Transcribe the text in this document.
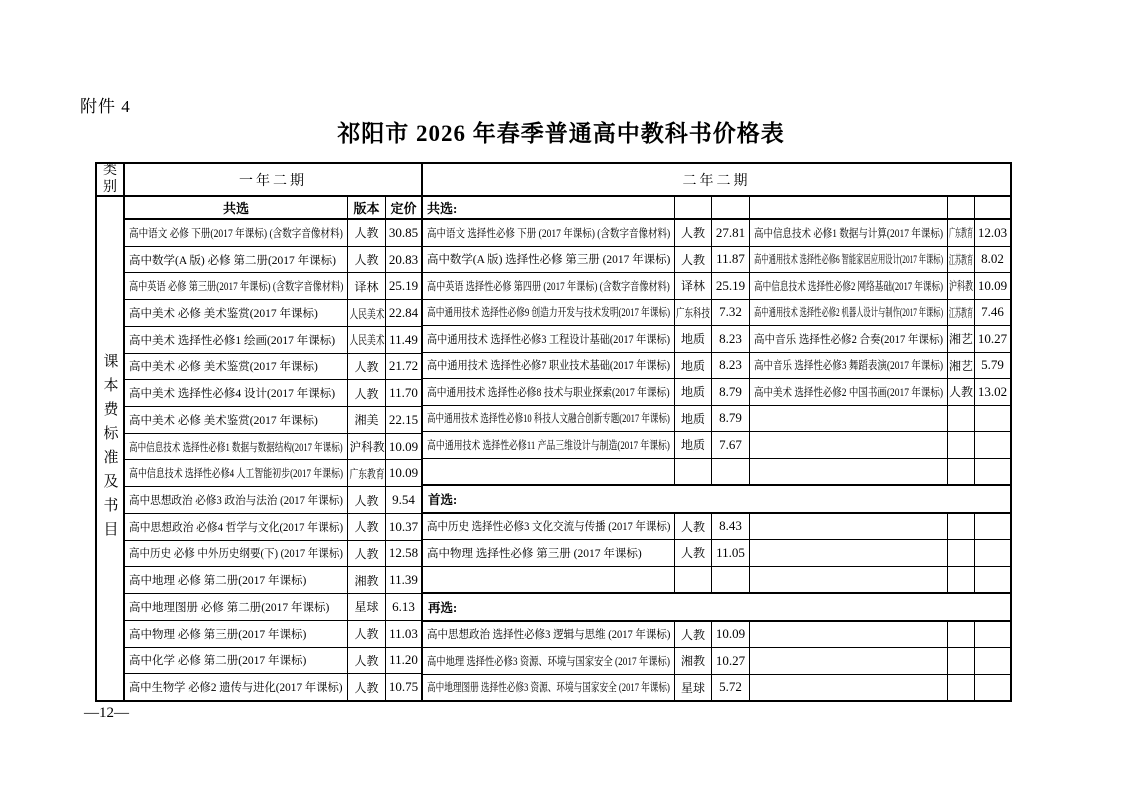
附件 4
祁阳市 2026 年春季普通高中教科书价格表
类别
课本费标准及书目
一年二期
共选	版本 定价
高中语文 必修 下册(2017 年课标) (含数字音像材料) 人教 30.85
高中数学(A 版) 必修 第二册(2017 年课标) 人教 20.83
高中英语 必修 第三册(2017 年课标) (含数字音像材料) 译林 25.19
高中美术 必修 美术鉴赏(2017 年课标)	人民美术 22.84
高中美术 选择性必修1 绘画(2017 年课标) 人民美术 11.49
高中美术 必修 美术鉴赏(2017 年课标)	人教 21.72
高中美术 选择性必修4 设计(2017 年课标) 人教 11.70
高中美术 必修 美术鉴赏(2017 年课标)	湘美 22.15
高中信息技术 选择性必修1 数据与数据结构(2017 年课标) 沪科教 10.09
高中信息技术 选择性必修4 人工智能初步(2017 年课标) 广东教育 10.09
高中思想政治 必修3 政治与法治 (2017 年课标) 人教 9.54
高中思想政治 必修4 哲学与文化(2017 年课标) 人教 10.37
高中历史 必修 中外历史纲要(下) (2017 年课标) 人教 12.58
高中地理 必修 第二册(2017 年课标)	湘教 11.39
高中地理图册 必修 第二册(2017 年课标) 星球 6.13
高中物理 必修 第三册(2017 年课标)	人教 11.03
高中化学 必修 第二册(2017 年课标)	人教 11.20
高中生物学 必修2 遗传与进化(2017 年课标) 人教 10.75
二年二期
共选:
高中语文 选择性必修 下册 (2017 年课标) (含数字音像材料) 人教 27.81 高中信息技术 必修1 数据与计算(2017 年课标) 广东教育 12.03
高中数学(A 版) 选择性必修 第三册 (2017 年课标) 人教 11.87 高中通用技术 选择性必修6 智能家居应用设计(2017 年课标) 江苏教育 8.02
高中英语 选择性必修 第四册 (2017 年课标) (含数字音像材料) 译林 25.19 高中信息技术 选择性必修2 网络基础(2017 年课标) 沪科教 10.09
高中通用技术 选择性必修9 创造力开发与技术发明(2017 年课标) 广东科技 7.32 高中通用技术 选择性必修2 机器人设计与制作(2017 年课标) 江苏教育 7.46
高中通用技术 选择性必修3 工程设计基础(2017 年课标) 地质 8.23 高中音乐 选择性必修2 合奏(2017 年课标) 湘艺 10.27
高中通用技术 选择性必修7 职业技术基础(2017 年课标) 地质 8.23 高中音乐 选择性必修3 舞蹈表演(2017 年课标) 湘艺 5.79
高中通用技术 选择性必修8 技术与职业探索(2017 年课标) 地质 8.79 高中美术 选择性必修2 中国书画(2017 年课标) 人教 13.02
高中通用技术 选择性必修10 科技人文融合创新专题(2017 年课标) 地质 8.79
高中通用技术 选择性必修11 产品三维设计与制造(2017 年课标) 地质 7.67
首选:
高中历史 选择性必修3 文化交流与传播 (2017 年课标) 人教 8.43
高中物理 选择性必修 第三册 (2017 年课标)	人教 11.05
再选:
高中思想政治 选择性必修3 逻辑与思维 (2017 年课标) 人教 10.09
高中地理 选择性必修3 资源、环境与国家安全 (2017 年课标) 湘教 10.27
高中地理图册 选择性必修3 资源、环境与国家安全 (2017 年课标) 星球 5.72
—12—
